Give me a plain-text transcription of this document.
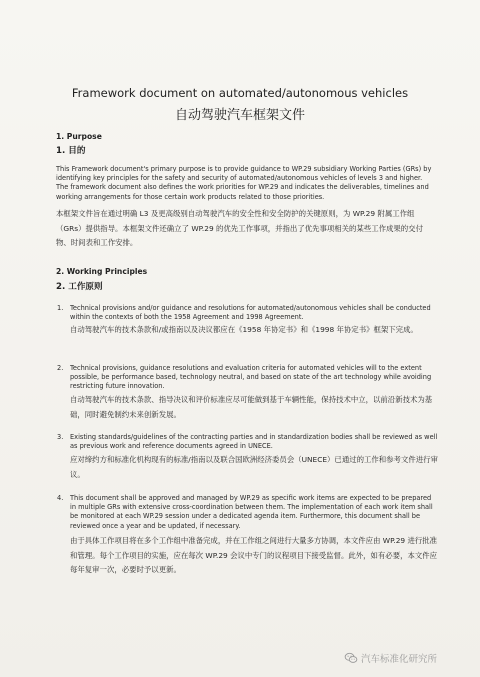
Framework document on automated/autonomous vehicles
自动驾驶汽车框架文件
1. Purpose
1. 目的
This Framework document's primary purpose is to provide guidance to WP.29 subsidiary Working Parties (GRs) by identifying key principles for the safety and security of automated/autonomous vehicles of levels 3 and higher. The framework document also defines the work priorities for WP.29 and indicates the deliverables, timelines and working arrangements for those certain work products related to those priorities.
本框架文件旨在通过明确 L3 及更高级别自动驾驶汽车的安全性和安全防护的关键原则，为 WP.29 附属工作组（GRs）提供指导。本框架文件还确立了 WP.29 的优先工作事项，并指出了优先事项相关的某些工作成果的交付物、时间表和工作安排。
2. Working Principles
2. 工作原则
1. Technical provisions and/or guidance and resolutions for automated/autonomous vehicles shall be conducted within the contexts of both the 1958 Agreement and 1998 Agreement.
自动驾驶汽车的技术条款和/或指南以及决议都应在《1958 年协定书》和《1998 年协定书》框架下完成。
2. Technical provisions, guidance resolutions and evaluation criteria for automated vehicles will to the extent possible, be performance based, technology neutral, and based on state of the art technology while avoiding restricting future innovation.
自动驾驶汽车的技术条款、指导决议和评价标准应尽可能做到基于车辆性能，保持技术中立，以前沿新技术为基础，同时避免制约未来创新发展。
3. Existing standards/guidelines of the contracting parties and in standardization bodies shall be reviewed as well as previous work and reference documents agreed in UNECE.
应对缔约方和标准化机构现有的标准/指南以及联合国欧洲经济委员会（UNECE）已通过的工作和参考文件进行审议。
4. This document shall be approved and managed by WP.29 as specific work items are expected to be prepared in multiple GRs with extensive cross-coordination between them. The implementation of each work item shall be monitored at each WP.29 session under a dedicated agenda item. Furthermore, this document shall be reviewed once a year and be updated, if necessary.
由于具体工作项目将在多个工作组中准备完成，并在工作组之间进行大量多方协调，本文件应由 WP.29 进行批准和管理。每个工作项目的实施，应在每次 WP.29 会议中专门的议程项目下接受监督。此外，如有必要，本文件应每年复审一次，必要时予以更新。
汽车标准化研究所
